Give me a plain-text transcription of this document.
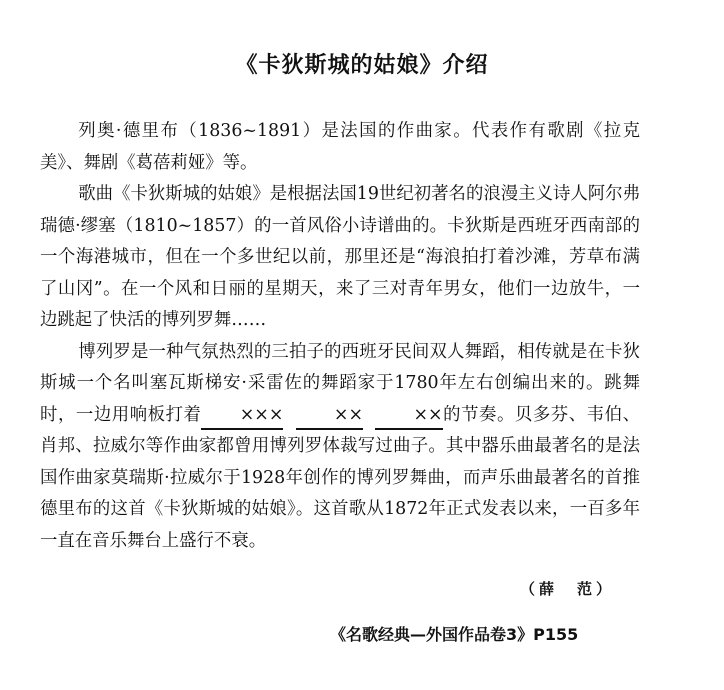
《卡狄斯城的姑娘》介绍

列奥·德里布（1836~1891）是法国的作曲家。代表作有歌剧《拉克美》、舞剧《葛蓓莉娅》等。

歌曲《卡狄斯城的姑娘》是根据法国19世纪初著名的浪漫主义诗人阿尔弗瑞德·缪塞（1810~1857）的一首风俗小诗谱曲的。卡狄斯是西班牙西南部的一个海港城市，但在一个多世纪以前，那里还是“海浪拍打着沙滩，芳草布满了山冈”。在一个风和日丽的星期天，来了三对青年男女，他们一边放牛，一边跳起了快活的博列罗舞……

博列罗是一种气氛热烈的三拍子的西班牙民间双人舞蹈，相传就是在卡狄斯城一个名叫塞瓦斯梯安·采雷佐的舞蹈家于1780年左右创编出来的。跳舞时，一边用响板打着 ×××	××	××的节奏。贝多芬、韦伯、肖邦、拉威尔等作曲家都曾用博列罗体裁写过曲子。其中器乐曲最著名的是法国作曲家莫瑞斯·拉威尔于1928年创作的博列罗舞曲，而声乐曲最著名的首推德里布的这首《卡狄斯城的姑娘》。这首歌从1872年正式发表以来，一百多年一直在音乐舞台上盛行不衰。

（薛　范）
《名歌经典—外国作品卷3》P155
